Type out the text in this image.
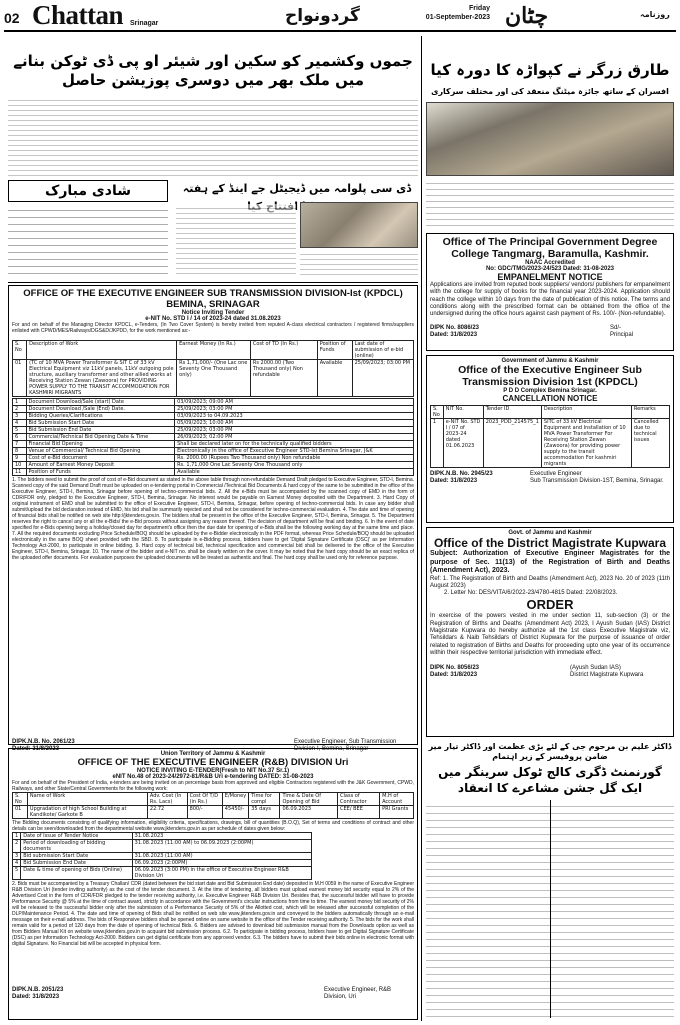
02 Chattan Srinagar	گردونواح	Friday
01-September-2023 چٹان	روزنامہ
جموں وکشمیر کو سکین اور شیئر او پی ڈی ٹوکن بنانے میں ملک بھر میں دوسری پوزیشن حاصل
شادی مبارک	ڈی سی پلوامہ میں ڈیجیٹل جے اینڈ کے ہفتہ
OFFICE OF THE EXECUTIVE ENGINEER SUB TRANSMISSION DIVISION-Ist (KPDCL)
BEMINA, SRINAGAR
Notice Inviting Tender
e-NIT No. STD I / 14 of 2023-24 dated 31.08.2023
For and on behalf of the Managing Director KPDCL, e-Tenders, (In Two Cover System) is hereby invited from reputed A-class electrical contractors / registered firms/suppliers enlisted with CPWD/MES/Railways/DGS&D/JKPDD, for the work mentioned as:-
S. No	Description of Work	Earnest Money (In Rs.)	Cost of TD (In Rs.)	Position of Funds	Last date of submission of e-bid (online)
01	(TC of 10 MVA Power Transformer & SIT C of 33 kV Electrical Equipment viz 11kV panels, 11kV outgoing pole structure, auxiliary transformer and other allied works at Receiving Station Zewan (Zawoora) for PROVIDING POWER SUPPLY TO THE TRANSIT ACCOMMODATION FOR KASHMIRI MIGRANTS	Rs 1,71,000/- (One Lac one Seventy One Thousand only)	Rs 2000.00 (Two Thousand only) Non refundable	Available	25/09/2023; 03:00 PM
1	Document Download/Sale (start) Date	03/09/2023; 09:00 AM
2	Document Download /Sale (End) Date.	25/09/2023; 03:00 PM
3	Bidding Queries/Clarifications	03/09/2023 to 04.09.2023
4	Bid Submission Start Date	05/09/2023; 10:00 AM
5	Bid Submission End Date	25/09/2023; 03:00 PM
6	Commercial/Technical Bid Opening Date & Time	26/09/2023; 02:00 PM
7	Financial Bid Opening	Shall be declared later on for the technically qualified bidders
8	Venue of Commercial/ Technical Bid Opening	Electronically in the office of Executive Engineer STD-Ist Bemina Srinagar, J&K
9	Cost of e-Bid document	Rs. 2000.00 (Rupees Two Thousand only) Non refundable
10	Amount of Earnest Money Deposit	Rs. 1,71,000 One Lac Seventy One Thousand only
11	Position of Funds	Available
1. The bidders need to submit the proof of cost of e-Bid document as stated in the above table through non-refundable Demand Draft pledged to Executive Engineer, STD-I, Bemina. Scanned copy of the said Demand Draft must be uploaded on e-tendering portal in Commercial /Technical Bid Documents & hard copy of the same to be submitted in the office of the Executive Engineer, STD-I, Bemina, Srinagar before opening of techno-commercial bids. 2. All the e-Bids must be accompanied by the scanned copy of EMD in the form of CDR/FDR only, pledged to the Executive Engineer, STD-I, Bemina, Srinagar. No interest would be payable on Earnest Money deposited with the Department. 3. Hard Copy of original instrument of EMD shall be submitted to the office of Executive Engineer, STD-I, Bemina, Srinagar, before opening of techno-commercial bids. In case any bidder shall submit/upload the bid declaration instead of EMD, his bid shall be summarily rejected and shall not be considered for techno-commercial evaluation. 4. The date and time of opening of financial bids shall be notified on web site http://jktenders.gov.in. The bidders shall be present in the office of the Executive Engineer, STD-I, Bemina, Srinagar. 5. The Department reserves the right to cancel any or all the e-Bids/ the e-Bid process without assigning any reason thereof. The decision of department will be final and binding. 6. In the event of date specified for e-Bids opening being a holiday/closed day for department's office then the due date for opening of e-Bids shall be the following working day at the same time and place. 7. All the required documents excluding Price Schedule/BOQ should be uploaded by the e-Bidder electronically in the PDF format, whereas Price Schedule/BOQ should be uploaded electronically in the same BOQ sheet provided with the SBD. 8. To participate in e-Bidding process, bidders have to get 'Digital Signature Certificate (DSC)' as per Information Technology Act-2000, to participate in online bidding. 9. Hard copy of technical bid, technical specification and commercial bid shall be delivered to the office of the Executive Engineer, STD-I, Bemina, Srinagar. 10. The name of the bidder and e-NIT no. shall be clearly written on the cover. It may be noted that the hard copy should be an exact replica of the uploaded offer documents. For evaluation purposes the uploaded documents will be treated as authentic and final. The hard copy shall be used only for reference purpose.
DIPK.N.B. No. 2061/23
Dated: 31/8/2023
Executive Engineer, Sub Transmission Division-I, Bemina, Srinagar
Union Territory of Jammu & Kashmir
OFFICE OF THE EXECUTIVE ENGINEER (R&B) DIVISION Uri
NOTICE INVITING E-TENDER(Fresh to NIT No.37 Sr.1)
eNIT No.48 of 2023-24/2972-81/R&B Uri e-tendering DATED: 31-08-2023
For and on behalf of the President of India, e-tenders are being invited on an percentage basis from approved and eligible Contractors registered with the J&K Government, CPWD, Railways, and other State/Central Governments for the following work:
S. No	Name of Work	Adv. Cost (In Rs. Lacs)	Cost Of T/D (in Rs.)	E/Money	Time for compl	Time & Date Of Opening of Bid	Class of Contractor	M.H of Account
01	Upgradation of high School Building at Kandikote/ Garkote B	22.72	800/-	45450/-	35 days	06.09.2023	CEE/ BEE	PRI Grants
The Bidding documents consisting of qualifying information, eligibility criteria, specifications, drawings, bill of quantities (B.O.Q), Set of terms and conditions of contract and other details can be seen/downloaded from the departmental website www.jktenders.gov.in as per schedule of dates given below:
1	Date of Issue of Tender Notice	31.08.2023
2	Period of downloading of bidding documents	31.08.2023 (11:00 AM) to 06.09.2023 (2:00PM)
3	Bid submission Start Date	31.08.2023 (11:00 AM)
4	Bid Submission End Date	06.09.2023 (2:00PM)
5	Date & time of opening of Bids (Online)	06.09.2023 (3:00 PM) in the office of Executive Engineer R&B Division Uri
2. Bids must be accompanied by a Treasury Challan/ CDR (dated between the bid start date and Bid Submission End date) deposited in M.H 0059 in the name of Executive Engineer R&B Division Uri (tender inviting authority) as the cost of the tender document. 3. At the time of tendering, all bidders must upload earnest money bid security equal to 2% of the Advertised Cost in the form of CDR/FDR pledged to the tender receiving authority, i.e. Executive Engineer R&B Division Uri. Besides that, the successful bidder will have to provide Performance Security @ 5% at the time of contract award, strictly in accordance with the Government's circular instructions from time to time. The earnest money bid security of 2% will be released to the successful bidder only after the submission of a Performance Security of 5% of the Allotted cost, which will be released after successful completion of the DLP/Maintenance Period. 4. The date and time of opening of Bids shall be notified on web site www.jktenders.gov.in and conveyed to the bidders automatically through an e-mail message on their e-mail address. The bids of Responsive bidders shall be opened online on same website in the office of the Tender receiving authority. 5. The bids for the work shall remain valid for a period of 120 days from the date of opening of technical Bids. 6. Bidders are advised to download bid submission manual from the Downloads option as well as from Bidders Manual Kit on website www.jktenders.gov.in to acquaint bid submission process. 6.2. To participate in bidding process, bidders have to get Digital Signature Certificate (DSC) as per Information Technology Act-2000. Bidders can get digital certificate from any approved vendor. 6.3. The bidders have to submit their bids online in electronic format with digital Signature. No Financial bid will be accepted in physical form.
DIPK.N.B. 2051/23
Dated: 31/8/2023
Executive Engineer, R&B Division, Uri
طارق زرگر نے کپواڑہ کا دورہ کیا
افسران کے ساتھ جائزہ میٹنگ منعقد کی اور مختلف سرکاری
Office of The Principal Government Degree College Tangmarg, Baramulla, Kashmir.
NAAC Accredited
No: GDC/TMG/2023-24/523 Dated: 31-08-2023
EMPANELMENT NOTICE
Applications are invited from reputed book suppliers/ vendors/ publishers for empanelment with the college for supply of books for the financial year 2023-2024. Application should reach the college within 10 days from the date of publication of this notice. The terms and conditions along with the prescribed format can be obtained from the office of the undersigned during the office hours against cash payment of Rs. 100/- (Non-refundable).
DIPK No. 8086/23
Dated: 31/8/2023
Sd/-
Principal
Government of Jammu & Kashmir
Office of the Executive Engineer Sub Transmission Division 1st (KPDCL)
P D D Complex Bemina Srinagar.
CANCELLATION NOTICE
S. No	NIT No.	Tender ID	Description	Remarks
1	e-NIT No. STD I / 07 of 2023-24 dated 01.06.2023	2023_PDD_214575_1	SITC of 33 kV Electrical Equipment and Installation of 10 MVA Power Transformer For Receiving Station Zewan (Zawoora) for providing power supply to the transit accommodation For kashmiri migrants	Cancelled due to technical issues
DIPK.N.B. No. 2945/23
Dated: 31/8/2023
Executive Engineer
Sub Transmission Division-1ST, Bemina, Srinagar.
Govt. of Jammu and Kashmir
Office of the District Magistrate Kupwara
Subject: Authorization of Executive Engineer Magistrates for the purpose of Sec. 11(13) of the Registration of Birth and Deaths (Amendment Act), 2023.
Ref: 1. The Registration of Birth and Deaths (Amendment Act), 2023 No. 20 of 2023 (11th August 2023)
2. Letter No: DES/VITA/6/2022-23/4780-4815 Dated: 22/08/2023.
ORDER
In exercise of the powers vested in me under section 11, sub-section (3) or the Registration of Births and Deaths (Amendment Act) 2023, I Ayush Sudan (IAS) District Magistrate Kupwara do hereby authorize all the 1st class Executive Magistrate viz, Tehsildars & Naib Tehsildars of District Kupwara for the purpose of issuance of order related to registration of Births and Deaths for proceeding upto one year of its occurrence within their respective territorial jurisdiction with immediate effect.
DIPK No. 8056/23
Dated: 31/8/2023
(Ayush Sudan IAS)
District Magistrate Kupwara
ڈاکٹر علیم بن مرحوم جی کے لئے بڑی عظمت اور ڈاکٹر تیار میر ضامن پروفیسر کے زیر اہتمام
گورنمنٹ ڈگری کالج ٹوکل سرینگر میں ایک گل جشن مشاعرے کا انعقاد
